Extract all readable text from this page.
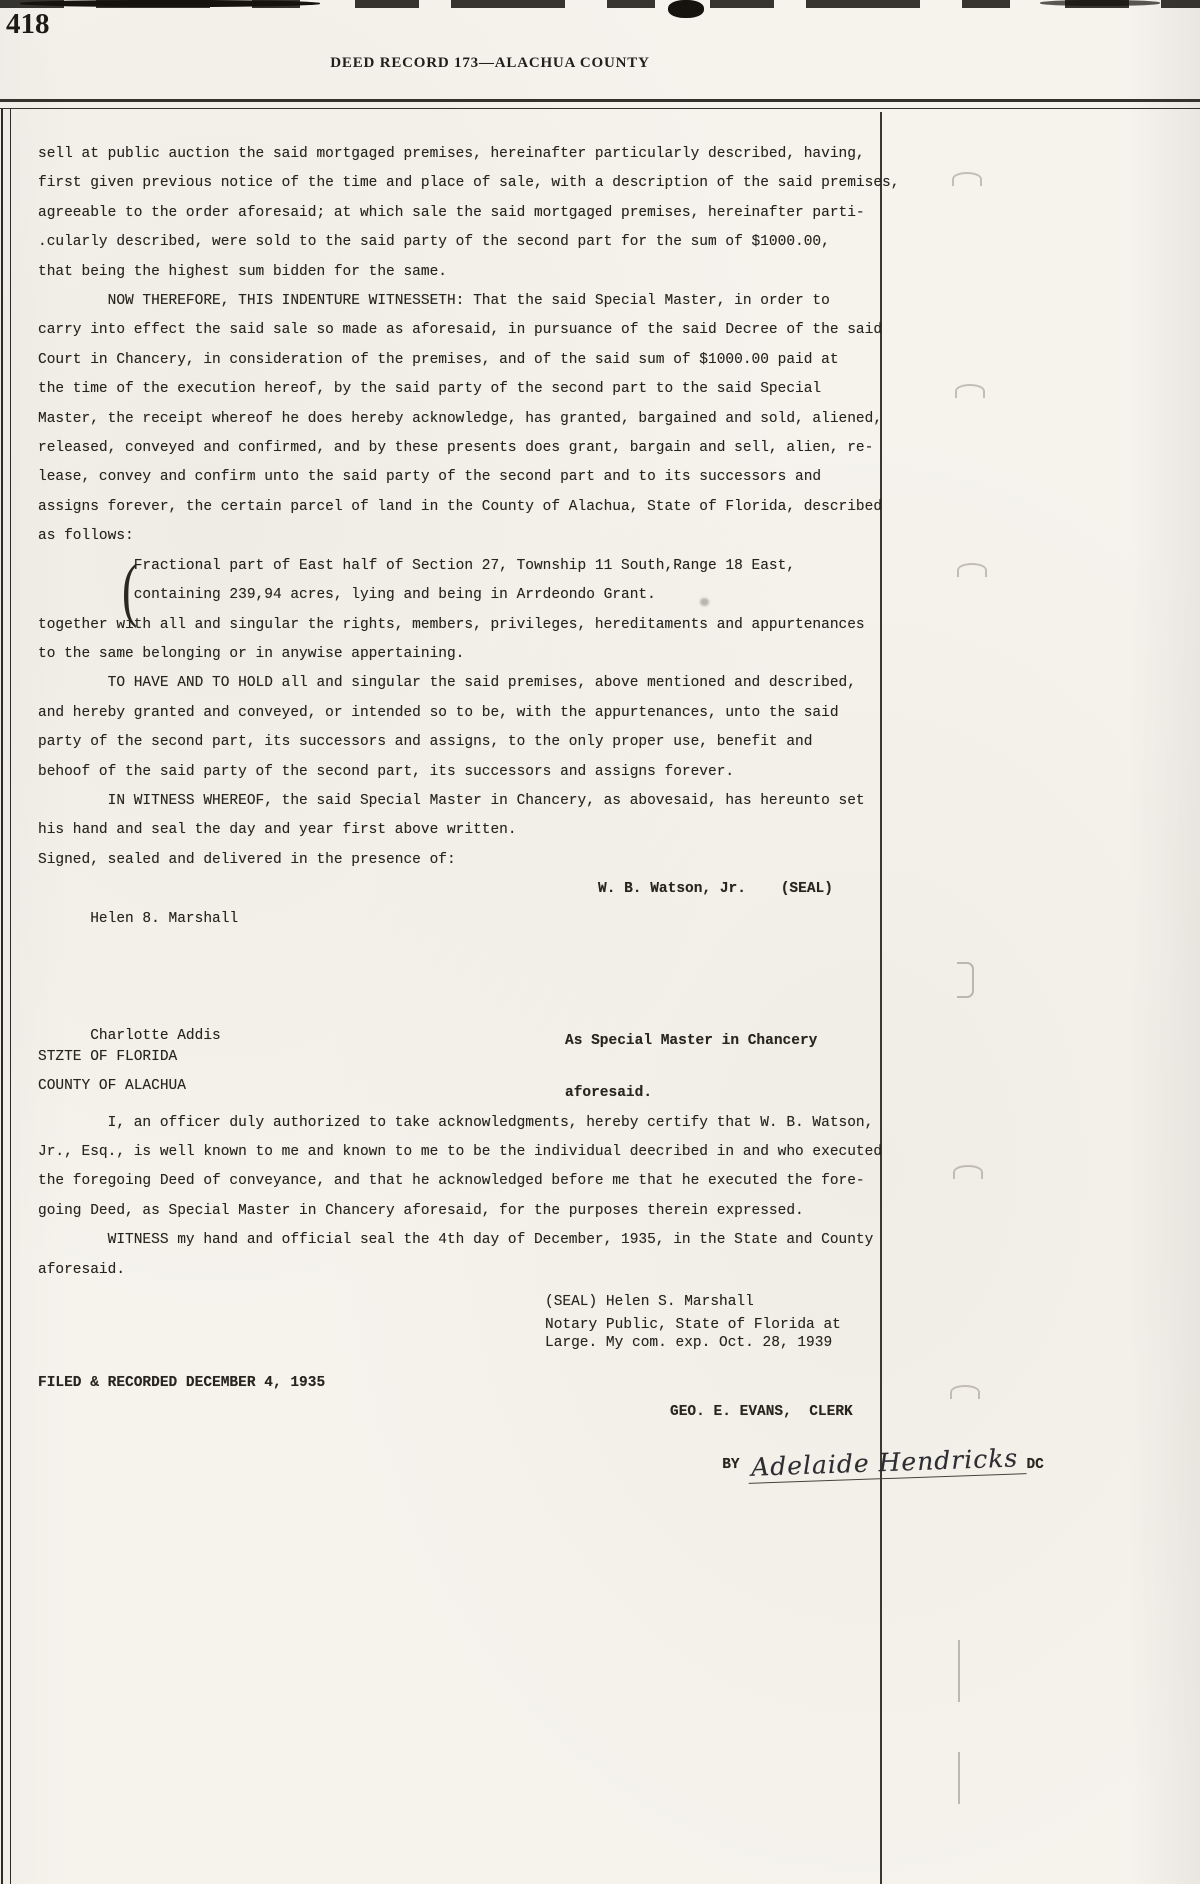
418
DEED RECORD 173—ALACHUA COUNTY
(
sell at public auction the said mortgaged premises, hereinafter particularly described, having,
first given previous notice of the time and place of sale, with a description of the said premises,
agreeable to the order aforesaid; at which sale the said mortgaged premises, hereinafter parti-
.cularly described, were sold to the said party of the second part for the sum of $1000.00,
that being the highest sum bidden for the same.
NOW THEREFORE, THIS INDENTURE WITNESSETH: That the said Special Master, in order to
carry into effect the said sale so made as aforesaid, in pursuance of the said Decree of the said
Court in Chancery, in consideration of the premises, and of the said sum of $1000.00 paid at
the time of the execution hereof, by the said party of the second part to the said Special
Master, the receipt whereof he does hereby acknowledge, has granted, bargained and sold, aliened,
released, conveyed and confirmed, and by these presents does grant, bargain and sell, alien, re-
lease, convey and confirm unto the said party of the second part and to its successors and
assigns forever, the certain parcel of land in the County of Alachua, State of Florida, described
as follows:
Fractional part of East half of Section 27, Township 11 South,Range 18 East,
containing 239,94 acres, lying and being in Arrdeondo Grant.
together with all and singular the rights, members, privileges, hereditaments and appurtenances
to the same belonging or in anywise appertaining.
TO HAVE AND TO HOLD all and singular the said premises, above mentioned and described,
and hereby granted and conveyed, or intended so to be, with the appurtenances, unto the said
party of the second part, its successors and assigns, to the only proper use, benefit and
behoof of the said party of the second part, its successors and assigns forever.
IN WITNESS WHEREOF, the said Special Master in Chancery, as abovesaid, has hereunto set
his hand and seal the day and year first above written.
Signed, sealed and delivered in the presence of:

Helen 8. Marshall

W. B. Watson, Jr.    (SEAL)

Charlotte Addis

	As Special Master in Chancery

aforesaid.

STZTE OF FLORIDA
COUNTY OF ALACHUA
I, an officer duly authorized to take acknowledgments, hereby certify that W. B. Watson,
Jr., Esq., is well known to me and known to me to be the individual deecribed in and who executed
the foregoing Deed of conveyance, and that he acknowledged before me that he executed the fore-
going Deed, as Special Master in Chancery aforesaid, for the purposes therein expressed.
WITNESS my hand and official seal the 4th day of December, 1935, in the State and County
aforesaid.
(SEAL) Helen S. Marshall
Notary Public, State of Florida at
Large. My com. exp. Oct. 28, 1939
FILED & RECORDED DECEMBER 4, 1935
GEO. E. EVANS,  CLERK

BY Adelaide Hendricks DC
